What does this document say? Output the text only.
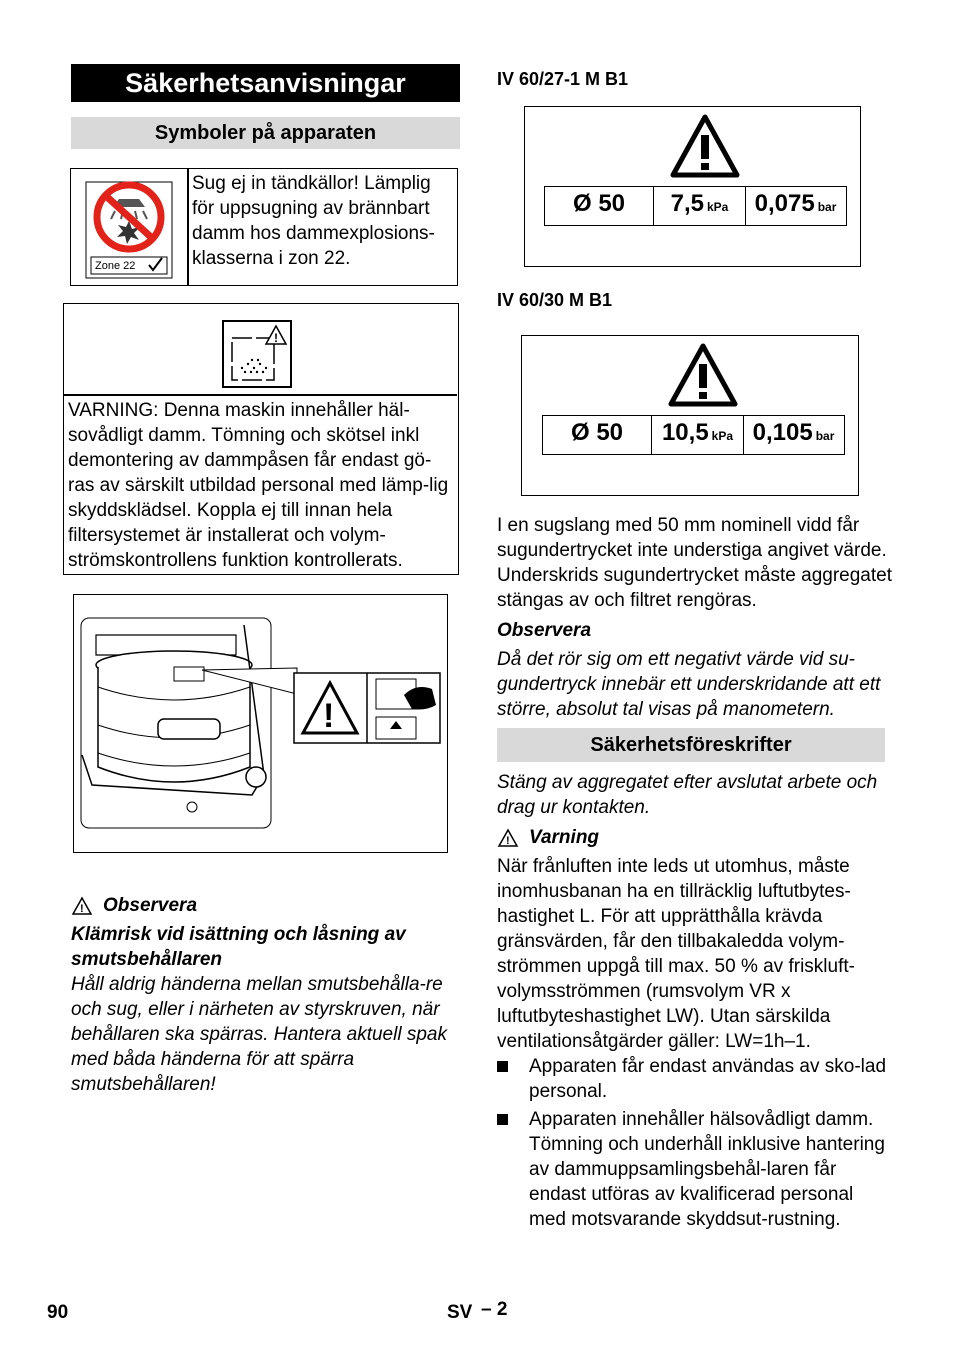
Säkerhetsanvisningar
Symboler på apparaten
Zone 22
Sug ej in tändkällor! Lämplig för uppsugning av brännbart damm hos dammexplosions-klasserna i zon 22.
!
VARNING: Denna maskin innehåller häl-sovådligt damm. Tömning och skötsel inkl demontering av dammpåsen får endast gö-ras av särskilt utbildad personal med lämp-lig skyddsklädsel. Koppla ej till innan hela filtersystemet är installerat och volym-strömskontrollens funktion kontrollerats.
!
! Observera
Klämrisk vid isättning och låsning av smutsbehållaren
Håll aldrig händerna mellan smutsbehålla-re och sug, eller i närheten av styrskruven, när behållaren ska spärras. Hantera aktuell spak med båda händerna för att spärra smutsbehållaren!
IV 60/27-1 M B1
Ø 50	7,5 kPa 0,075 bar
IV 60/30 M B1
Ø 50	10,5 kPa 0,105 bar
I en sugslang med 50 mm nominell vidd får sugundertrycket inte understiga angivet värde. Underskrids sugundertrycket måste aggregatet stängas av och filtret rengöras.
Observera
Då det rör sig om ett negativt värde vid su-gundertryck innebär ett underskridande att ett större, absolut tal visas på manometern.
Säkerhetsföreskrifter
Stäng av aggregatet efter avslutat arbete och drag ur kontakten.
! Varning
När frånluften inte leds ut utomhus, måste inomhusbanan ha en tillräcklig luftutbytes-hastighet L. För att upprätthålla krävda gränsvärden, får den tillbakaledda volym-strömmen uppgå till max. 50 % av friskluft-volymsströmmen (rumsvolym VR x luftutbyteshastighet LW). Utan särskilda ventilationsåtgärder gäller: LW=1h–1.
Apparaten får endast användas av sko-lad personal.
Apparaten innehåller hälsovådligt damm. Tömning och underhåll inklusive hantering av dammuppsamlingsbehål-laren får endast utföras av kvalificerad personal med motsvarande skyddsut-rustning.
90	SV – 2
